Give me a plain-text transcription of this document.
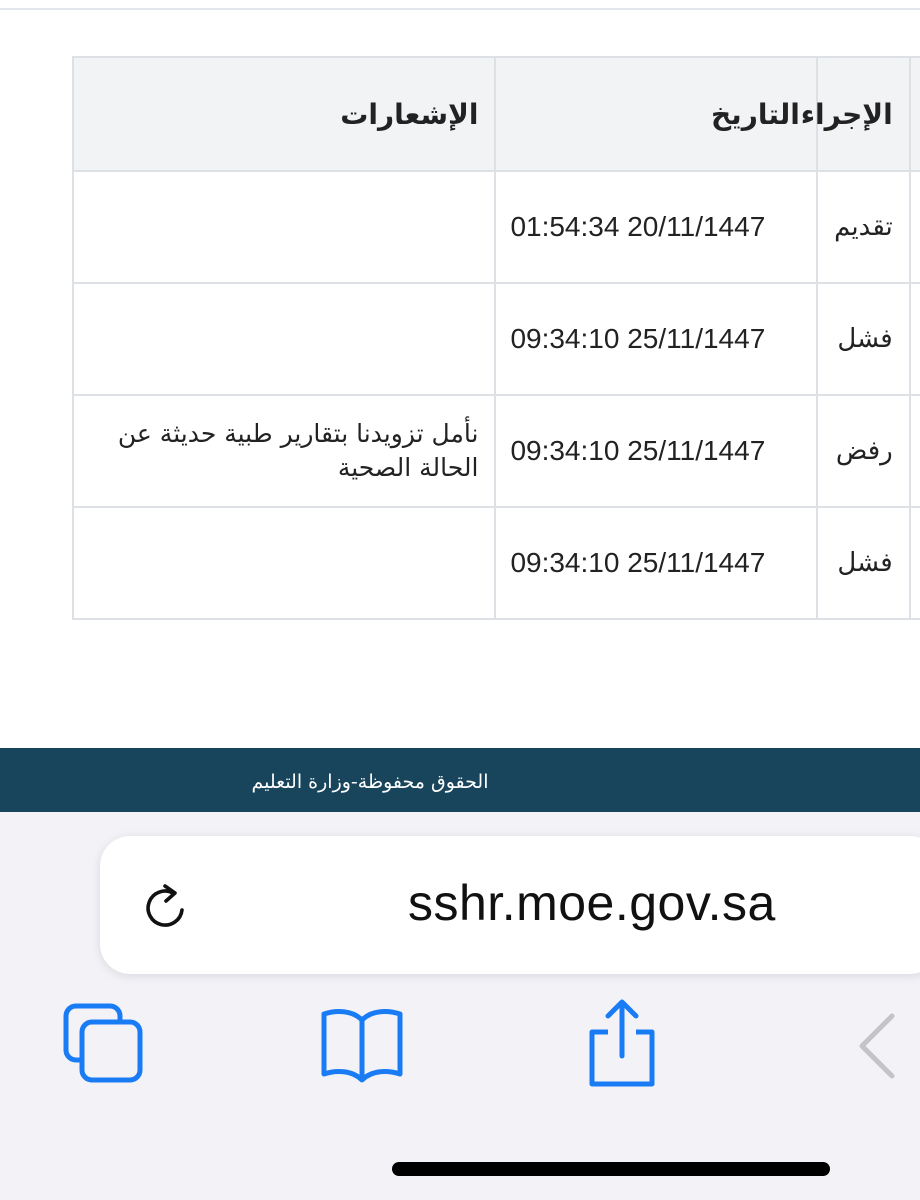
	الإجراء	التاريخ	الإشعارات
	تقديم	01:54:34 20/11/1447	
	فشل	09:34:10 25/11/1447	
	رفض	09:34:10 25/11/1447	نأمل تزويدنا بتقارير طبية حديثة عن الحالة الصحية
	فشل	09:34:10 25/11/1447	
الحقوق محفوظة-وزارة التعليم
sshr.moe.gov.sa
